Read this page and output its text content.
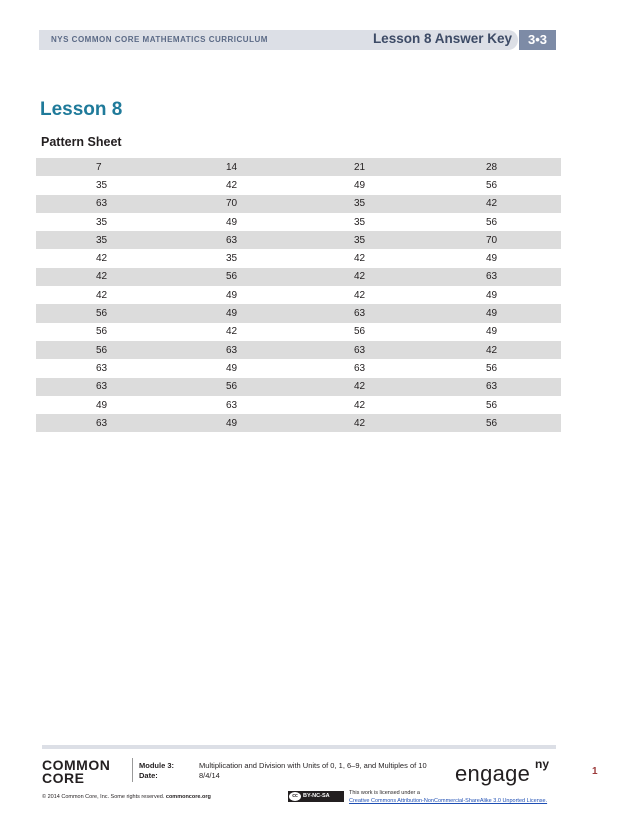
NYS COMMON CORE MATHEMATICS CURRICULUM	Lesson 8 Answer Key	3•3
Lesson 8
Pattern Sheet
7	14	21	28
35	42	49	56
63	70	35	42
35	49	35	56
35	63	35	70
42	35	42	49
42	56	42	63
42	49	42	49
56	49	63	49
56	42	56	49
56	63	63	42
63	49	63	56
63	56	42	63
49	63	42	56
63	49	42	56
COMMON
CORE
Module 3:	Multiplication and Division with Units of 0, 1, 6–9, and Multiples of 10
Date:	8/4/14	engage ny
1
© 2014 Common Core, Inc. Some rights reserved. commoncore.org	cc BY-NC-SA	This work is licensed under a
Creative Commons Attribution-NonCommercial-ShareAlike 3.0 Unported License.
